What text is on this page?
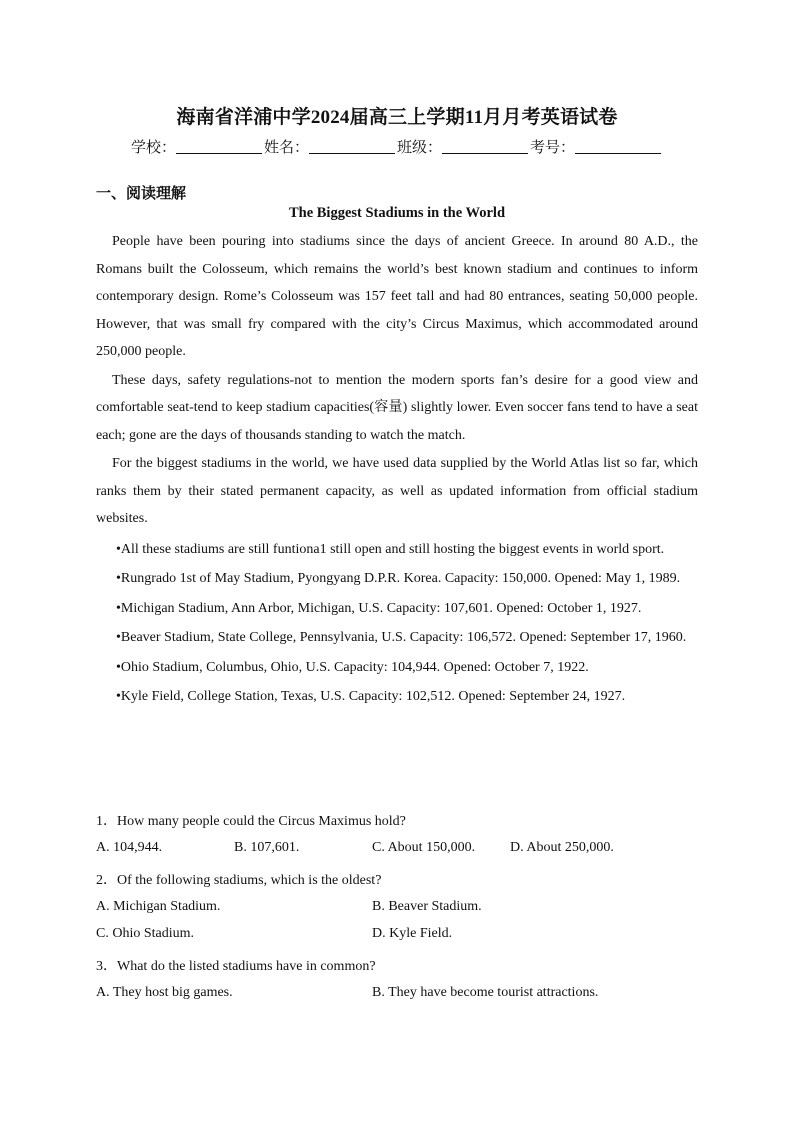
海南省洋浦中学2024届高三上学期11月月考英语试卷
学校：	姓名：	班级：	考号：
一、阅读理解
The Biggest Stadiums in the World

People have been pouring into stadiums since the days of ancient Greece. In around 80 A.D., the Romans built the Colosseum, which remains the world’s best known stadium and continues to inform contemporary design. Rome’s Colosseum was 157 feet tall and had 80 entrances, seating 50,000 people. However, that was small fry compared with the city’s Circus Maximus, which accommodated around 250,000 people.

These days, safety regulations-not to mention the modern sports fan’s desire for a good view and comfortable seat-tend to keep stadium capacities(容量) slightly lower. Even soccer fans tend to have a seat each; gone are the days of thousands standing to watch the match.

For the biggest stadiums in the world, we have used data supplied by the World Atlas list so far, which ranks them by their stated permanent capacity, as well as updated information from official stadium websites.

•All these stadiums are still funtiona1 still open and still hosting the biggest events in world sport.

•Rungrado 1st of May Stadium, Pyongyang D.P.R. Korea. Capacity: 150,000. Opened: May 1, 1989.

•Michigan Stadium, Ann Arbor, Michigan, U.S. Capacity: 107,601. Opened: October 1, 1927.

•Beaver Stadium, State College, Pennsylvania, U.S. Capacity: 106,572. Opened: September 17, 1960.

•Ohio Stadium, Columbus, Ohio, U.S. Capacity: 104,944. Opened: October 7, 1922.

•Kyle Field, College Station, Texas, U.S. Capacity: 102,512. Opened: September 24, 1927.

1．How many people could the Circus Maximus hold?
A. 104,944.	B. 107,601.	C. About 150,000. D. About 250,000.
2．Of the following stadiums, which is the oldest?
A. Michigan Stadium.	B. Beaver Stadium.
C. Ohio Stadium.	D. Kyle Field.
3．What do the listed stadiums have in common?
A. They host big games.	B. They have become tourist attractions.
